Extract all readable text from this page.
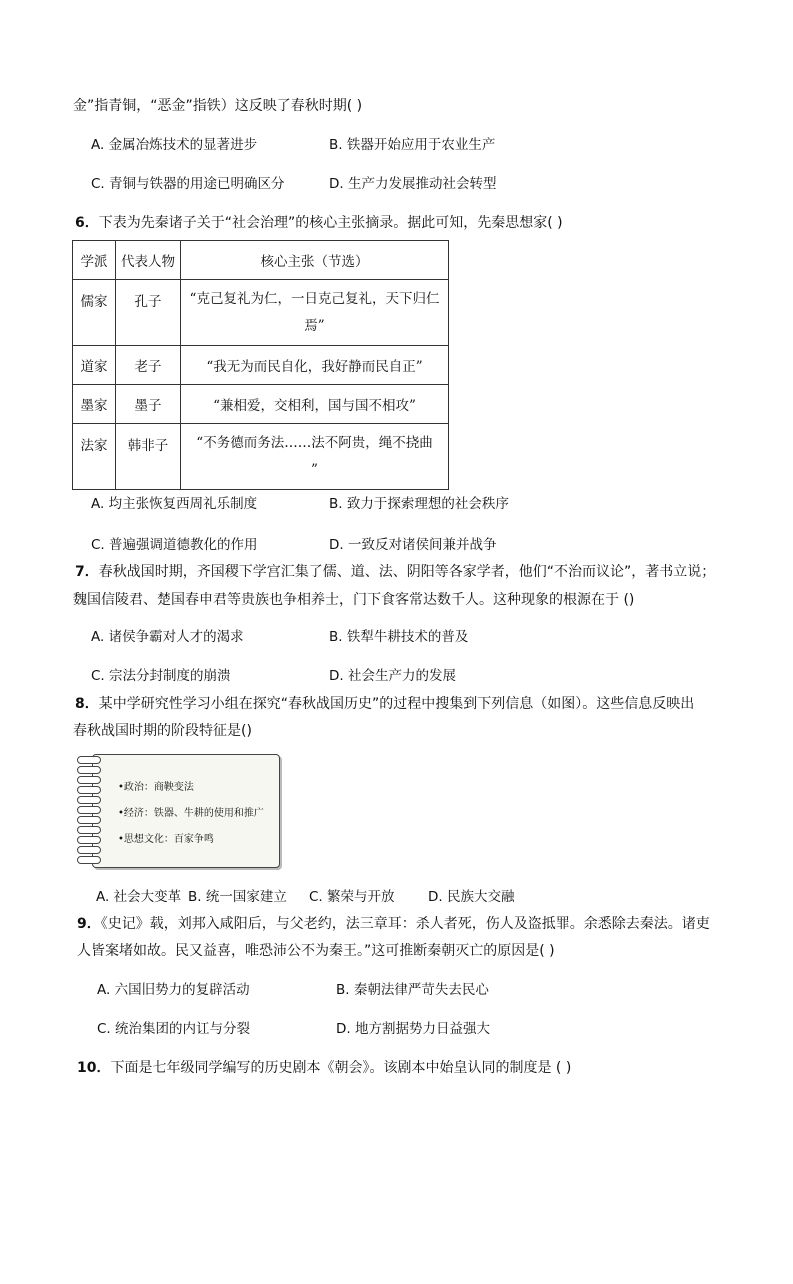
金”指青铜，“恶金”指铁）这反映了春秋时期( )
A. 金属冶炼技术的显著进步	B. 铁器开始应用于农业生产
C. 青铜与铁器的用途已明确区分	D. 生产力发展推动社会转型
6．下表为先秦诸子关于“社会治理”的核心主张摘录。据此可知，先秦思想家( )
学派	代表人物	核心主张（节选）
儒家	孔子	“克己复礼为仁，一日克己复礼，天下归仁
焉”

道家	老子	“我无为而民自化，我好静而民自正”
墨家	墨子	“兼相爱，交相利，国与国不相攻”
法家	韩非子	“不务德而务法……法不阿贵，绳不挠曲
”
A. 均主张恢复西周礼乐制度	B. 致力于探索理想的社会秩序
C. 普遍强调道德教化的作用	D. 一致反对诸侯间兼并战争
7．春秋战国时期，齐国稷下学宫汇集了儒、道、法、阴阳等各家学者，他们“不治而议论”，著书立说；
魏国信陵君、楚国春申君等贵族也争相养士，门下食客常达数千人。这种现象的根源在于 ()
A. 诸侯争霸对人才的渴求	B. 铁犁牛耕技术的普及
C. 宗法分封制度的崩溃	D. 社会生产力的发展
8．某中学研究性学习小组在探究“春秋战国历史”的过程中搜集到下列信息（如图）。这些信息反映出
春秋战国时期的阶段特征是()
•政治：商鞅变法
•经济：铁器、牛耕的使用和推广
•思想文化：百家争鸣
A. 社会大变革 B. 统一国家建立 C. 繁荣与开放 D. 民族大交融
9．《史记》载，刘邦入咸阳后，与父老约，法三章耳：杀人者死，伤人及盗抵罪。余悉除去秦法。诸吏
人皆案堵如故。民又益喜，唯恐沛公不为秦王。”这可推断秦朝灭亡的原因是( )
A. 六国旧势力的复辟活动	B. 秦朝法律严苛失去民心
C. 统治集团的内讧与分裂	D. 地方割据势力日益强大
10．下面是七年级同学编写的历史剧本《朝会》。该剧本中始皇认同的制度是 ( )
